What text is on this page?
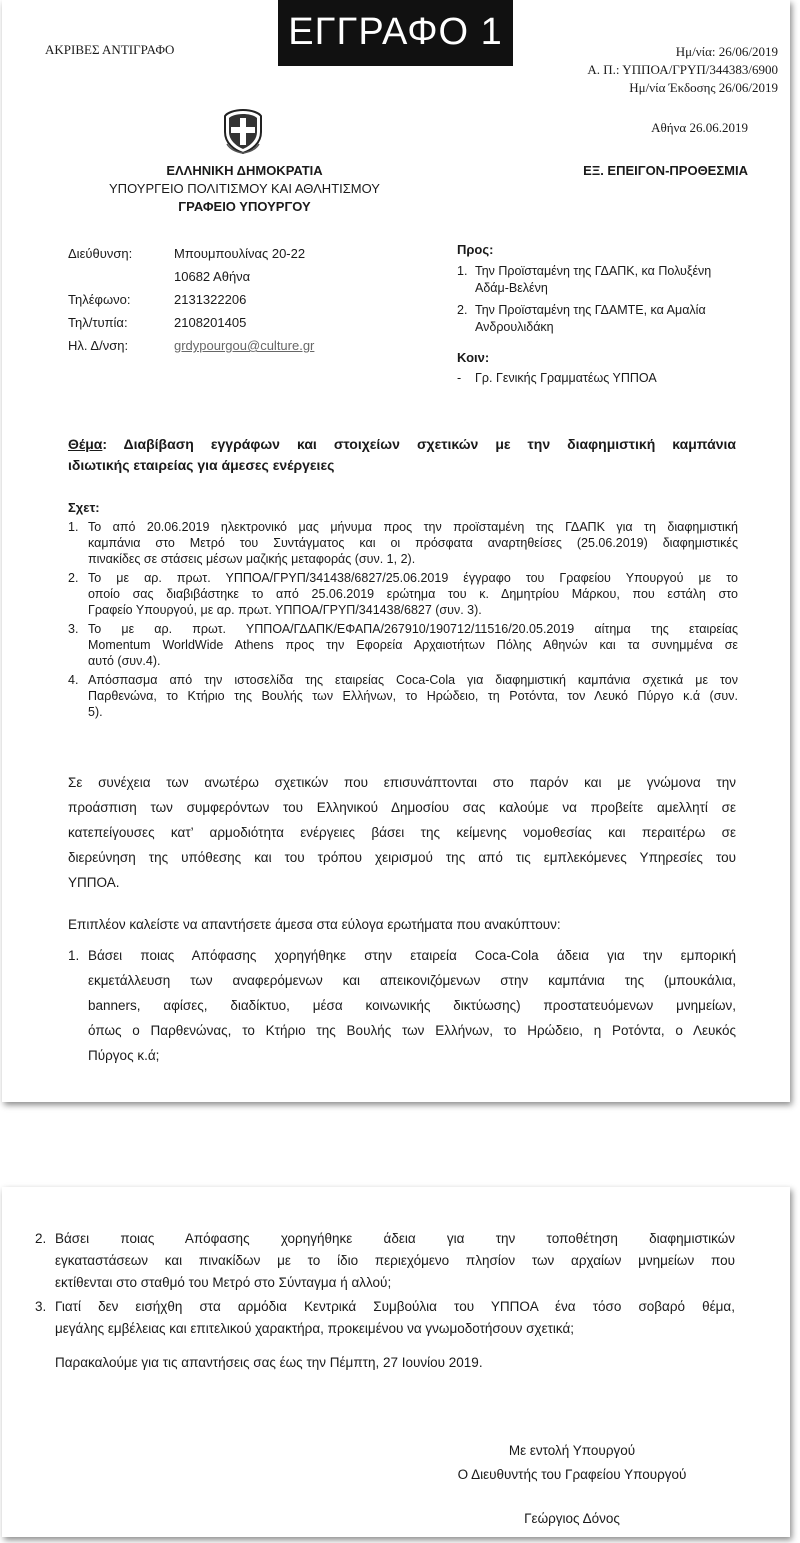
ΕΓΓΡΑΦΟ 1
ΑΚΡΙΒΕΣ ΑΝΤΙΓΡΑΦΟ	Ημ/νία: 26/06/2019
Α. Π.: ΥΠΠΟΑ/ΓΡΥΠ/344383/6900
Ημ/νία Έκδοσης 26/06/2019
Αθήνα 26.06.2019
ΕΛΛΗΝΙΚΗ ΔΗΜΟΚΡΑΤΙΑ
ΥΠΟΥΡΓΕΙΟ ΠΟΛΙΤΙΣΜΟΥ ΚΑΙ ΑΘΛΗΤΙΣΜΟΥ
ΓΡΑΦΕΙΟ ΥΠΟΥΡΓΟΥ
ΕΞ. ΕΠΕΙΓΟΝ-ΠΡΟΘΕΣΜΙΑ
Διεύθυνση:

Τηλέφωνο:
Τηλ/τυπία:
Ηλ. Δ/νση:
Μπουμπουλίνας 20-22
10682 Αθήνα
2131322206
2108201405
grdypourgou@culture.gr
Προς:
1. Την Προϊσταμένη της ΓΔΑΠΚ, κα Πολυξένη
Αδάμ-Βελένη
2. Την Προϊσταμένη της ΓΔΑΜΤΕ, κα Αμαλία
Ανδρουλιδάκη
Κοιν:
-	Γρ. Γενικής Γραμματέως ΥΠΠΟΑ
Θέμα: Διαβίβαση εγγράφων και στοιχείων σχετικών με την διαφημιστική καμπάνια
ιδιωτικής εταιρείας για άμεσες ενέργειες
Σχετ:
1. Το από 20.06.2019 ηλεκτρονικό μας μήνυμα προς την προϊσταμένη της ΓΔΑΠΚ για τη διαφημιστική
καμπάνια στο Μετρό του Συντάγματος και οι πρόσφατα αναρτηθείσες (25.06.2019) διαφημιστικές
πινακίδες σε στάσεις μέσων μαζικής μεταφοράς (συν. 1, 2).
2. Το με αρ. πρωτ. ΥΠΠΟΑ/ΓΡΥΠ/341438/6827/25.06.2019 έγγραφο του Γραφείου Υπουργού με το
οποίο σας διαβιβάστηκε το από 25.06.2019 ερώτημα του κ. Δημητρίου Μάρκου, που εστάλη στο
Γραφείο Υπουργού, με αρ. πρωτ. ΥΠΠΟΑ/ΓΡΥΠ/341438/6827 (συν. 3).
3. Το με αρ. πρωτ. ΥΠΠΟΑ/ΓΔΑΠΚ/ΕΦΑΠΑ/267910/190712/11516/20.05.2019 αίτημα της εταιρείας
Momentum WorldWide Athens προς την Εφορεία Αρχαιοτήτων Πόλης Αθηνών και τα συνημμένα σε
αυτό (συν.4).
4. Απόσπασμα από την ιστοσελίδα της εταιρείας Coca-Cola για διαφημιστική καμπάνια σχετικά με τον
Παρθενώνα, το Κτήριο της Βουλής των Ελλήνων, το Ηρώδειο, τη Ροτόντα, τον Λευκό Πύργο κ.ά (συν.
5).
Σε συνέχεια των ανωτέρω σχετικών που επισυνάπτονται στο παρόν και με γνώμονα την
προάσπιση των συμφερόντων του Ελληνικού Δημοσίου σας καλούμε να προβείτε αμελλητί σε
κατεπείγουσες κατ’ αρμοδιότητα ενέργειες βάσει της κείμενης νομοθεσίας και περαιτέρω σε
διερεύνηση της υπόθεσης και του τρόπου χειρισμού της από τις εμπλεκόμενες Υπηρεσίες του
ΥΠΠΟΑ.
Επιπλέον καλείστε να απαντήσετε άμεσα στα εύλογα ερωτήματα που ανακύπτουν:
1. Βάσει ποιας Απόφασης χορηγήθηκε στην εταιρεία Coca-Cola άδεια για την εμπορική
εκμετάλλευση των αναφερόμενων και απεικονιζόμενων στην καμπάνια της (μπουκάλια,
banners, αφίσες, διαδίκτυο, μέσα κοινωνικής δικτύωσης) προστατευόμενων μνημείων,
όπως ο Παρθενώνας, το Κτήριο της Βουλής των Ελλήνων, το Ηρώδειο, η Ροτόντα, ο Λευκός
Πύργος κ.ά;
2. Βάσει ποιας Απόφασης χορηγήθηκε άδεια για την τοποθέτηση διαφημιστικών
εγκαταστάσεων και πινακίδων με το ίδιο περιεχόμενο πλησίον των αρχαίων μνημείων που
εκτίθενται στο σταθμό του Μετρό στο Σύνταγμα ή αλλού;
3. Γιατί δεν εισήχθη στα αρμόδια Κεντρικά Συμβούλια του ΥΠΠΟΑ ένα τόσο σοβαρό θέμα,
μεγάλης εμβέλειας και επιτελικού χαρακτήρα, προκειμένου να γνωμοδοτήσουν σχετικά;
Παρακαλούμε για τις απαντήσεις σας έως την Πέμπτη, 27 Ιουνίου 2019.
Με εντολή Υπουργού
Ο Διευθυντής του Γραφείου Υπουργού
Γεώργιος Δόνος
